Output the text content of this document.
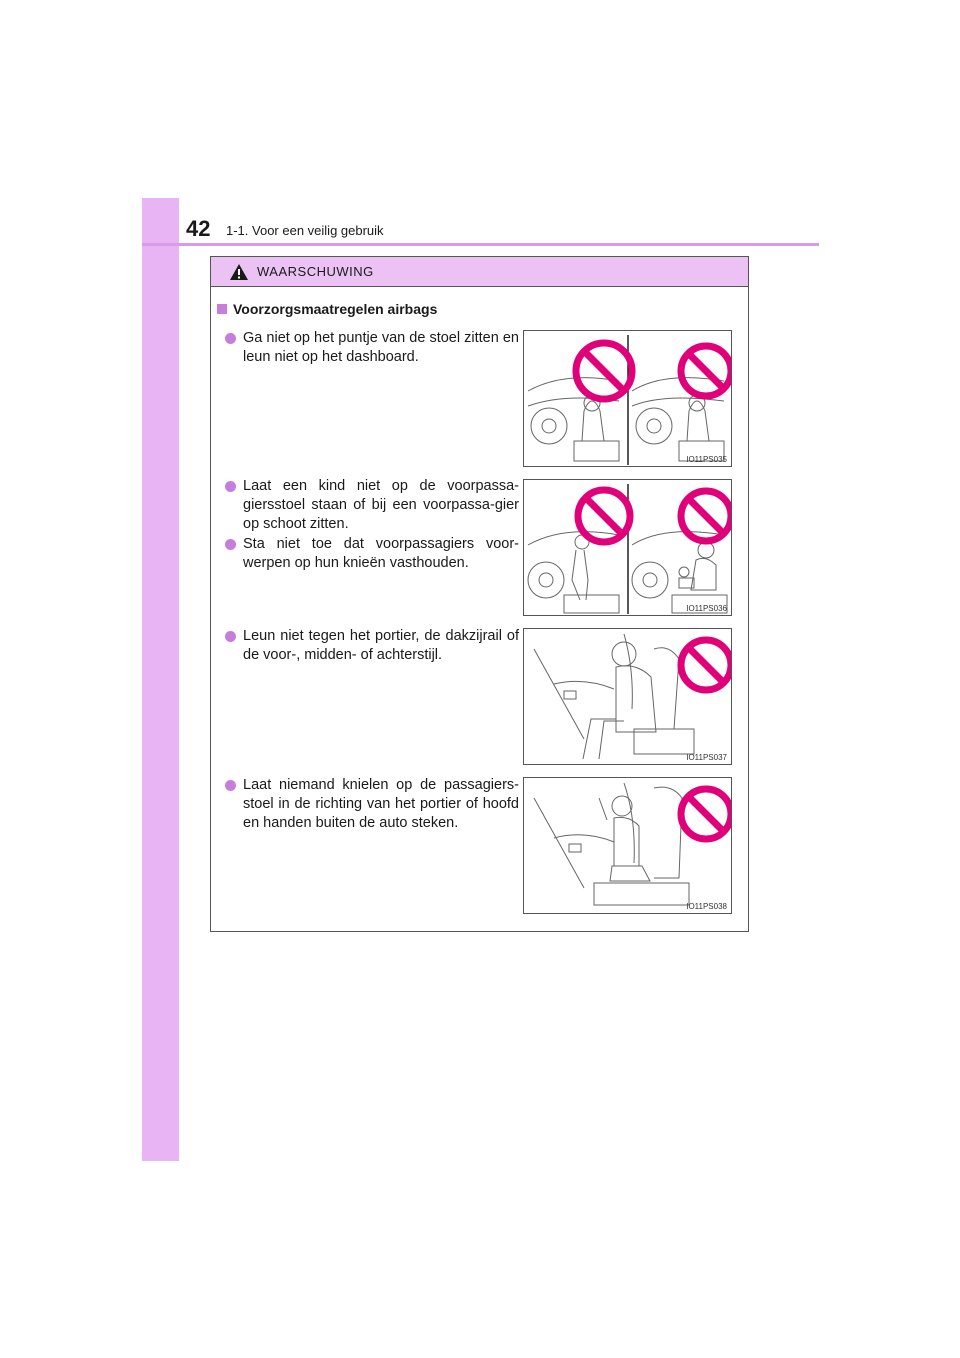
42 1-1. Voor een veilig gebruik
WAARSCHUWING
Voorzorgsmaatregelen airbags
Ga niet op het puntje van de stoel zitten en leun niet op het dashboard.
Laat een kind niet op de voorpassa-giersstoel staan of bij een voorpassa-gier op schoot zitten.
Sta niet toe dat voorpassagiers voor-werpen op hun knieën vasthouden.
Leun niet tegen het portier, de dakzijrail of de voor-, midden- of achterstijl.
Laat niemand knielen op de passagiers-stoel in de richting van het portier of hoofd en handen buiten de auto steken.
IO11PS035
IO11PS036
IO11PS037
IO11PS038
